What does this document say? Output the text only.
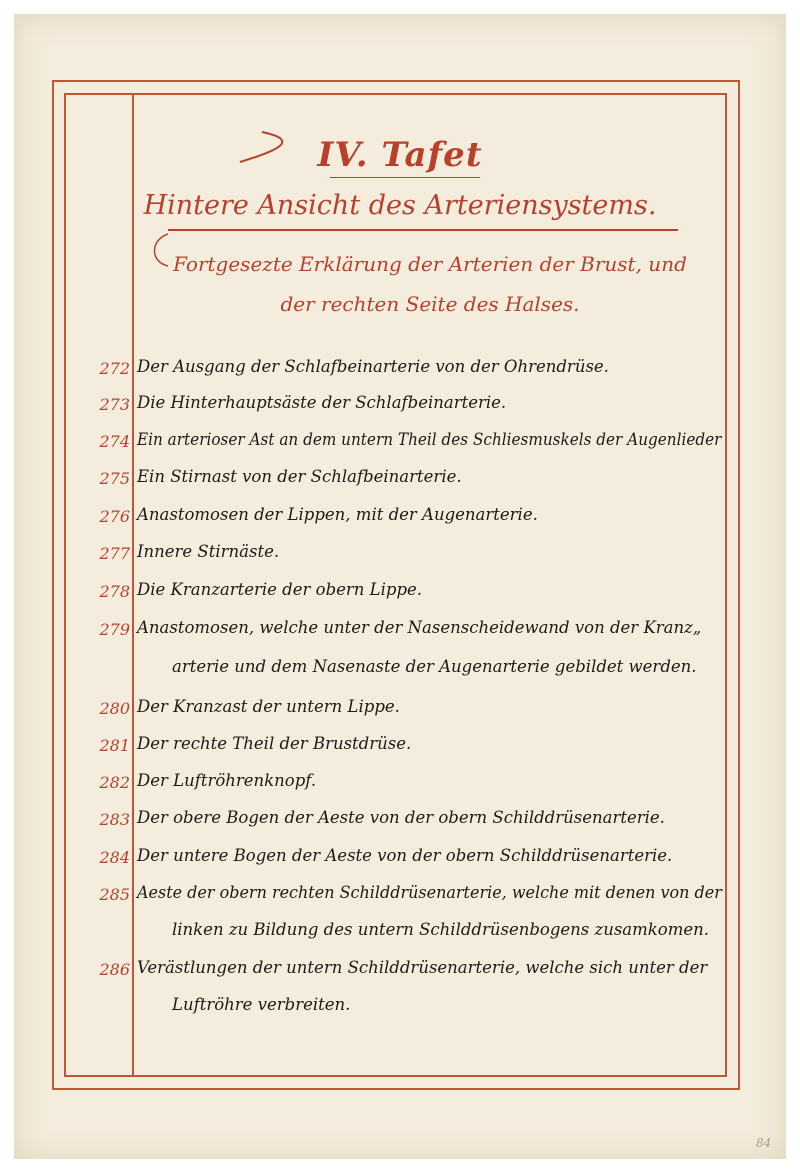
IV. Tafet
Hintere Ansicht des Arteriensystems.
Fortgesezte Erklärung der Arterien der Brust, und
der rechten Seite des Halses.
272 Der Ausgang der Schlafbeinarterie von der Ohrendrüse.
273 Die Hinterhauptsäste der Schlafbeinarterie.
274 Ein arterioser Ast an dem untern Theil des Schliesmuskels der Augenlieder
275 Ein Stirnast von der Schlafbeinarterie.
276 Anastomosen der Lippen, mit der Augenarterie.
277 Innere Stirnäste.
278 Die Kranzarterie der obern Lippe.
279 Anastomosen, welche unter der Nasenscheidewand von der Kranz„
arterie und dem Nasenaste der Augenarterie gebildet werden.
280 Der Kranzast der untern Lippe.
281 Der rechte Theil der Brustdrüse.
282 Der Luftröhrenknopf.
283 Der obere Bogen der Aeste von der obern Schilddrüsenarterie.
284 Der untere Bogen der Aeste von der obern Schilddrüsenarterie.
285 Aeste der obern rechten Schilddrüsenarterie, welche mit denen von der
linken zu Bildung des untern Schilddrüsenbogens zusamkomen.
286 Verästlungen der untern Schilddrüsenarterie, welche sich unter der
Luftröhre verbreiten.
84
